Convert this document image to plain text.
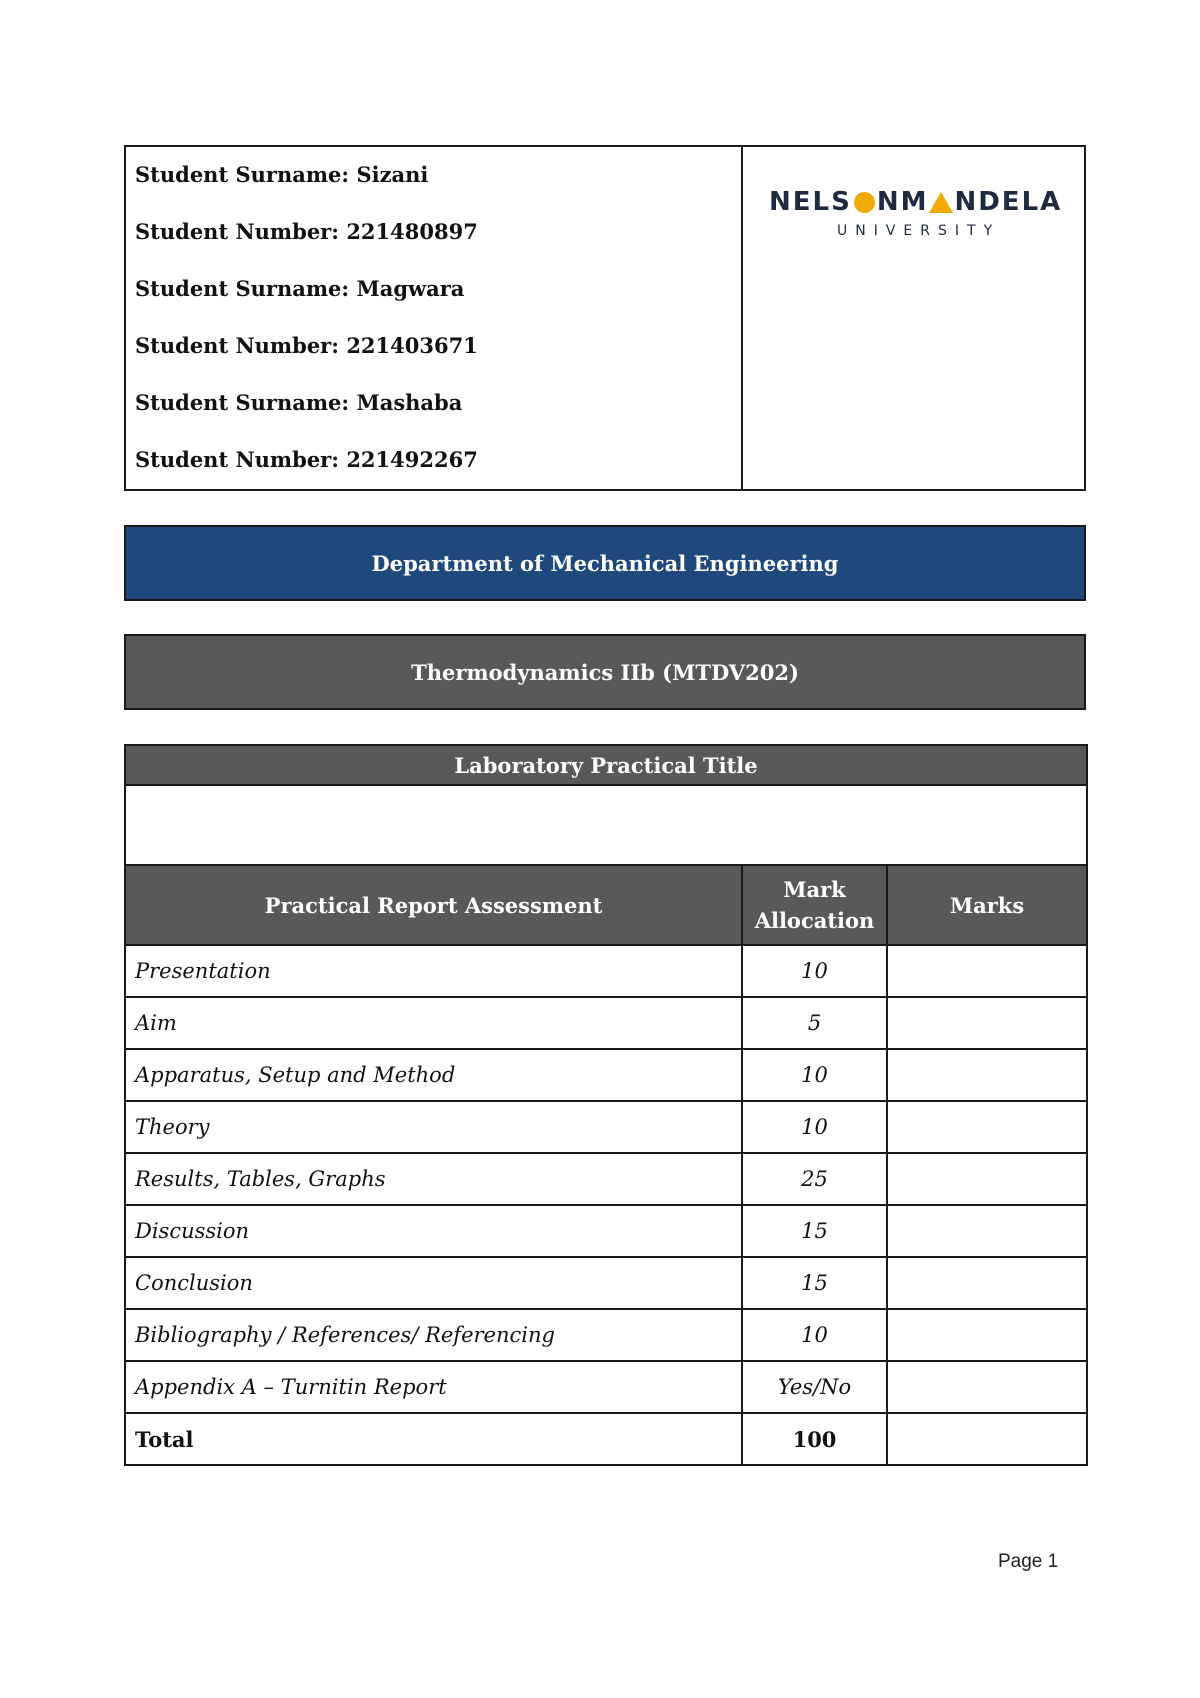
Student Surname: Sizani
Student Number: 221480897
Student Surname: Magwara
Student Number: 221403671
Student Surname: Mashaba
Student Number: 221492267
NELS N M NDELA
UNIVERSITY
Department of Mechanical Engineering
Thermodynamics IIb (MTDV202)
Laboratory Practical Title		

Practical Report Assessment	Mark Allocation	Marks
Presentation	10	
Aim	5	
Apparatus, Setup and Method	10	
Theory	10	
Results, Tables, Graphs	25	
Discussion	15	
Conclusion	15	
Bibliography / References/ Referencing	10	
Appendix A – Turnitin Report	Yes/No	
Total	100	
Page 1
